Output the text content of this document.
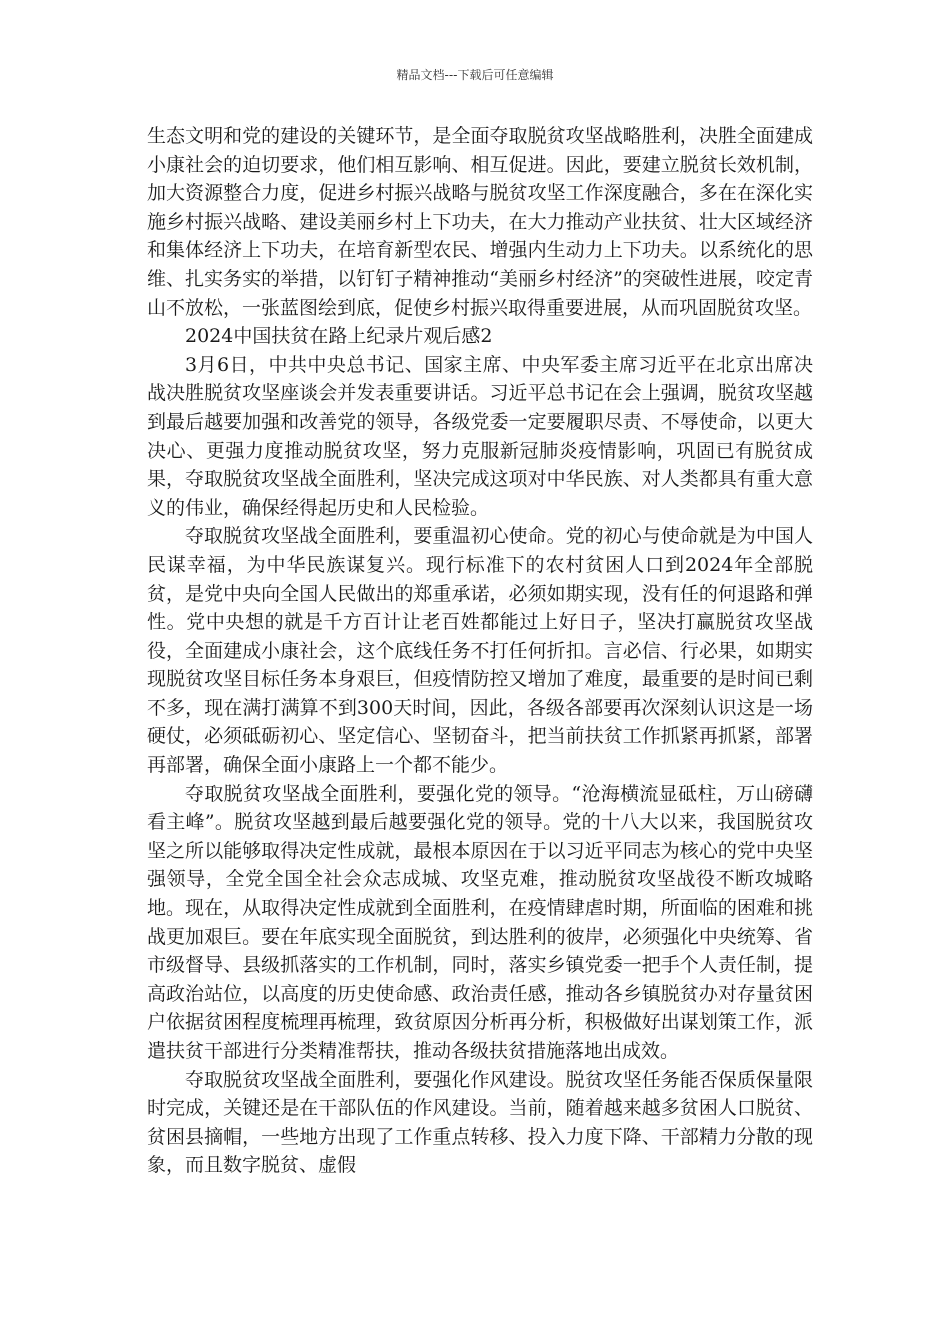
精品文档---下载后可任意编辑

生态文明和党的建设的关键环节，是全面夺取脱贫攻坚战略胜利，决胜全面建成小康社会的迫切要求，他们相互影响、相互促进。因此，要建立脱贫长效机制，加大资源整合力度，促进乡村振兴战略与脱贫攻坚工作深度融合，多在在深化实施乡村振兴战略、建设美丽乡村上下功夫，在大力推动产业扶贫、壮大区域经济和集体经济上下功夫，在培育新型农民、增强内生动力上下功夫。以系统化的思维、扎实务实的举措，以钉钉子精神推动“美丽乡村经济”的突破性进展，咬定青山不放松，一张蓝图绘到底，促使乡村振兴取得重要进展，从而巩固脱贫攻坚。

2024中国扶贫在路上纪录片观后感2

3月6日，中共中央总书记、国家主席、中央军委主席习近平在北京出席决战决胜脱贫攻坚座谈会并发表重要讲话。习近平总书记在会上强调，脱贫攻坚越到最后越要加强和改善党的领导，各级党委一定要履职尽责、不辱使命，以更大决心、更强力度推动脱贫攻坚，努力克服新冠肺炎疫情影响，巩固已有脱贫成果，夺取脱贫攻坚战全面胜利，坚决完成这项对中华民族、对人类都具有重大意义的伟业，确保经得起历史和人民检验。

夺取脱贫攻坚战全面胜利，要重温初心使命。党的初心与使命就是为中国人民谋幸福，为中华民族谋复兴。现行标准下的农村贫困人口到2024年全部脱贫，是党中央向全国人民做出的郑重承诺，必须如期实现，没有任的何退路和弹性。党中央想的就是千方百计让老百姓都能过上好日子，坚决打赢脱贫攻坚战役，全面建成小康社会，这个底线任务不打任何折扣。言必信、行必果，如期实现脱贫攻坚目标任务本身艰巨，但疫情防控又增加了难度，最重要的是时间已剩不多，现在满打满算不到300天时间，因此，各级各部要再次深刻认识这是一场硬仗，必须砥砺初心、坚定信心、坚韧奋斗，把当前扶贫工作抓紧再抓紧，部署再部署，确保全面小康路上一个都不能少。

夺取脱贫攻坚战全面胜利，要强化党的领导。“沧海横流显砥柱，万山磅礴看主峰”。脱贫攻坚越到最后越要强化党的领导。党的十八大以来，我国脱贫攻坚之所以能够取得决定性成就，最根本原因在于以习近平同志为核心的党中央坚强领导，全党全国全社会众志成城、攻坚克难，推动脱贫攻坚战役不断攻城略地。现在，从取得决定性成就到全面胜利，在疫情肆虐时期，所面临的困难和挑战更加艰巨。要在年底实现全面脱贫，到达胜利的彼岸，必须强化中央统筹、省市级督导、县级抓落实的工作机制，同时，落实乡镇党委一把手个人责任制，提高政治站位，以高度的历史使命感、政治责任感，推动各乡镇脱贫办对存量贫困户依据贫困程度梳理再梳理，致贫原因分析再分析，积极做好出谋划策工作，派遣扶贫干部进行分类精准帮扶，推动各级扶贫措施落地出成效。

夺取脱贫攻坚战全面胜利，要强化作风建设。脱贫攻坚任务能否保质保量限时完成，关键还是在干部队伍的作风建设。当前，随着越来越多贫困人口脱贫、贫困县摘帽，一些地方出现了工作重点转移、投入力度下降、干部精力分散的现象，而且数字脱贫、虚假
